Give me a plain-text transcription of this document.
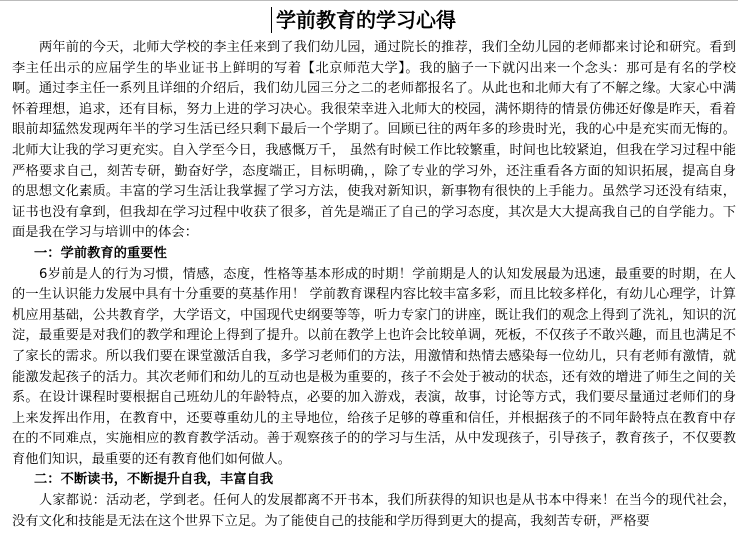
学前教育的学习心得

两年前的今天，北师大学校的李主任来到了我们幼儿园，通过院长的推荐，我们全幼儿园的老师都来讨论和研究。看到李主任出示的应届学生的毕业证书上鲜明的写着【北京师范大学】。我的脑子一下就闪出来一个念头：那可是有名的学校啊。通过李主任一系列且详细的介绍后，我们幼儿园三分之二的老师都报名了。从此也和北师大有了不解之缘。大家心中满怀着理想，追求，还有目标，努力上进的学习决心。我很荣幸进入北师大的校园，满怀期待的情景仿佛还好像是昨天，看着眼前却猛然发现两年半的学习生活已经只剩下最后一个学期了。回顾已往的两年多的珍贵时光，我的心中是充实而无悔的。北师大让我的学习更充实。自入学至今日，我感慨万千， 虽然有时候工作比较繁重，时间也比较紧迫，但我在学习过程中能严格要求自己，刻苦专研，勤奋好学，态度端正，目标明确，，除了专业的学习外，还注重看各方面的知识拓展，提高自身的思想文化素质。丰富的学习生活让我掌握了学习方法，使我对新知识，新事物有很快的上手能力。虽然学习还没有结束，证书也没有拿到，但我却在学习过程中收获了很多，首先是端正了自己的学习态度，其次是大大提高我自己的自学能力。下面是我在学习与培训中的体会：

一：学前教育的重要性

6岁前是人的行为习惯，情感，态度，性格等基本形成的时期！学前期是人的认知发展最为迅速，最重要的时期，在人的一生认识能力发展中具有十分重要的莫基作用！ 学前教育课程内容比较丰富多彩，而且比较多样化，有幼儿心理学，计算机应用基础，公共教育学，大学语文，中国现代史纲要等等，听力专家门的讲座，既让我们的观念上得到了洗礼，知识的沉淀，最重要是对我们的教学和理论上得到了提升。以前在教学上也许会比较单调，死板，不仅孩子不敢兴趣，而且也满足不了家长的需求。所以我们要在课堂激活自我，多学习老师们的方法，用激情和热情去感染每一位幼儿，只有老师有激情，就能激发起孩子的活力。其次老师们和幼儿的互动也是极为重要的，孩子不会处于被动的状态，还有效的增进了师生之间的关系。在设计课程时要根据自己班幼儿的年龄特点，必要的加入游戏，表演，故事，讨论等方式，我们要尽量通过老师们的身上来发挥出作用，在教育中，还要尊重幼儿的主导地位，给孩子足够的尊重和信任，并根据孩子的不同年龄特点在教育中存在的不同难点，实施相应的教育教学活动。善于观察孩子的的学习与生活，从中发现孩子，引导孩子，教育孩子，不仅要教育他们知识，最重要的还有教育他们如何做人。

二：不断读书，不断提升自我，丰富自我

人家都说：活动老，学到老。任何人的发展都离不开书本，我们所获得的知识也是从书本中得来！在当今的现代社会，没有文化和技能是无法在这个世界下立足。为了能使自己的技能和学历得到更大的提高，我刻苦专研，严格要
